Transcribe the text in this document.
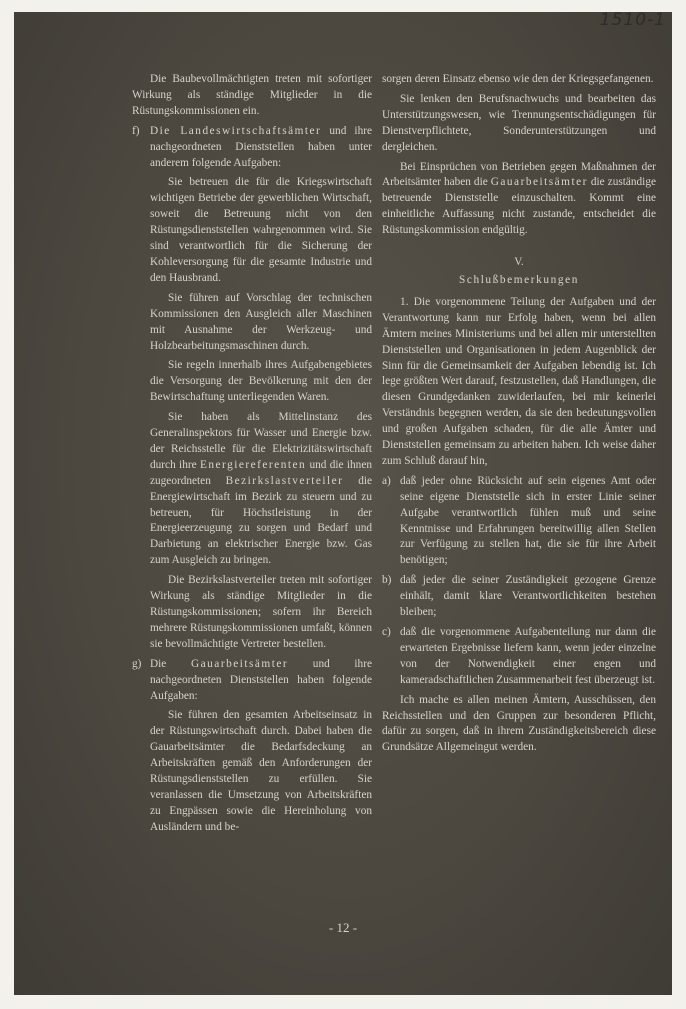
1510-1

Die Baubevollmächtigten treten mit sofortiger Wirkung als ständige Mitglieder in die Rüstungskommissionen ein.

f) Die Landeswirtschaftsämter und ihre nachgeordneten Dienststellen haben unter anderem folgende Aufgaben:

Sie betreuen die für die Kriegswirtschaft wichtigen Betriebe der gewerblichen Wirtschaft, soweit die Betreuung nicht von den Rüstungsdienststellen wahrgenommen wird. Sie sind verantwortlich für die Sicherung der Kohleversorgung für die gesamte Industrie und den Hausbrand.

Sie führen auf Vorschlag der technischen Kommissionen den Ausgleich aller Maschinen mit Ausnahme der Werkzeug- und Holzbearbeitungsmaschinen durch.

Sie regeln innerhalb ihres Aufgabengebietes die Versorgung der Bevölkerung mit den der Bewirtschaftung unterliegenden Waren.

Sie haben als Mittelinstanz des Generalinspektors für Wasser und Energie bzw. der Reichsstelle für die Elektrizitätswirtschaft durch ihre Energiereferenten und die ihnen zugeordneten Bezirkslastverteiler die Energiewirtschaft im Bezirk zu steuern und zu betreuen, für Höchstleistung in der Energieerzeugung zu sorgen und Bedarf und Darbietung an elektrischer Energie bzw. Gas zum Ausgleich zu bringen.

Die Bezirkslastverteiler treten mit sofortiger Wirkung als ständige Mitglieder in die Rüstungskommissionen; sofern ihr Bereich mehrere Rüstungskommissionen umfaßt, können sie bevollmächtigte Vertreter bestellen.

g) Die Gauarbeitsämter und ihre nachgeordneten Dienststellen haben folgende Aufgaben:

Sie führen den gesamten Arbeitseinsatz in der Rüstungswirtschaft durch. Dabei haben die Gauarbeitsämter die Bedarfsdeckung an Arbeitskräften gemäß den Anforderungen der Rüstungsdienststellen zu erfüllen. Sie veranlassen die Umsetzung von Arbeitskräften zu Engpässen sowie die Hereinholung von Ausländern und be-

sorgen deren Einsatz ebenso wie den der Kriegsgefangenen.

Sie lenken den Berufsnachwuchs und bearbeiten das Unterstützungswesen, wie Trennungsentschädigungen für Dienstverpflichtete, Sonderunterstützungen und dergleichen.

Bei Einsprüchen von Betrieben gegen Maßnahmen der Arbeitsämter haben die Gauarbeitsämter die zuständige betreuende Dienststelle einzuschalten. Kommt eine einheitliche Auffassung nicht zustande, entscheidet die Rüstungskommission endgültig.

V.
Schlußbemerkungen

1. Die vorgenommene Teilung der Aufgaben und der Verantwortung kann nur Erfolg haben, wenn bei allen Ämtern meines Ministeriums und bei allen mir unterstellten Dienststellen und Organisationen in jedem Augenblick der Sinn für die Gemeinsamkeit der Aufgaben lebendig ist. Ich lege größten Wert darauf, festzustellen, daß Handlungen, die diesen Grundgedanken zuwiderlaufen, bei mir keinerlei Verständnis begegnen werden, da sie den bedeutungsvollen und großen Aufgaben schaden, für die alle Ämter und Dienststellen gemeinsam zu arbeiten haben. Ich weise daher zum Schluß darauf hin,

a) daß jeder ohne Rücksicht auf sein eigenes Amt oder seine eigene Dienststelle sich in erster Linie seiner Aufgabe verantwortlich fühlen muß und seine Kenntnisse und Erfahrungen bereitwillig allen Stellen zur Verfügung zu stellen hat, die sie für ihre Arbeit benötigen;
b) daß jeder die seiner Zuständigkeit gezogene Grenze einhält, damit klare Verantwortlichkeiten bestehen bleiben;
c) daß die vorgenommene Aufgabenteilung nur dann die erwarteten Ergebnisse liefern kann, wenn jeder einzelne von der Notwendigkeit einer engen und kameradschaftlichen Zusammenarbeit fest überzeugt ist.

Ich mache es allen meinen Ämtern, Ausschüssen, den Reichsstellen und den Gruppen zur besonderen Pflicht, dafür zu sorgen, daß in ihrem Zuständigkeitsbereich diese Grundsätze Allgemeingut werden.

- 12 -
